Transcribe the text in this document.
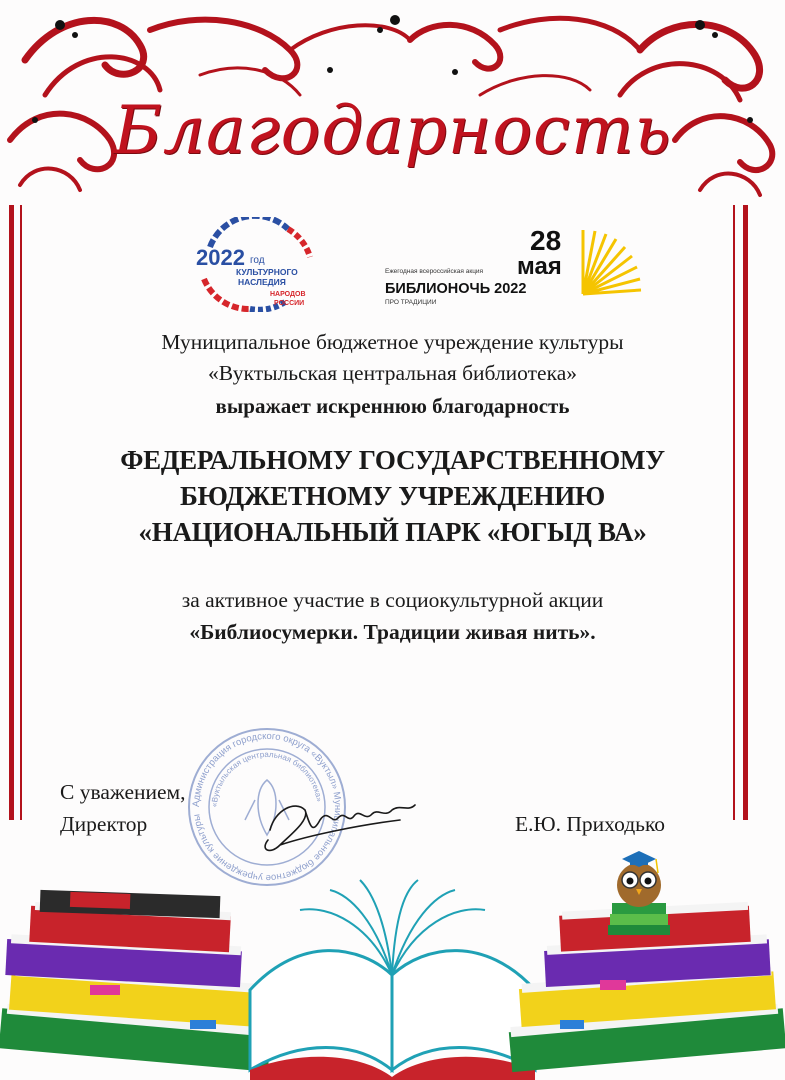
Благодарность
2022 год
КУЛЬТУРНОГО
НАСЛЕДИЯ
НАРОДОВ
РОССИИ
28
мая
Ежегодная всероссийская акция
БИБЛИОНОЧЬ 2022
ПРО ТРАДИЦИИ
Муниципальное бюджетное учреждение культуры
«Вуктыльская центральная библиотека»
выражает искреннюю благодарность
ФЕДЕРАЛЬНОМУ ГОСУДАРСТВЕННОМУ
БЮДЖЕТНОМУ УЧРЕЖДЕНИЮ
«НАЦИОНАЛЬНЫЙ ПАРК «ЮГЫД ВА»
за активное участие в социокультурной акции
«Библиосумерки. Традиции живая нить».
Администрация городского округа «Вуктыл» Муниципальное бюджетное учреждение культуры
«Вуктыльская центральная библиотека»
С уважением,
Директор	Е.Ю. Приходько
